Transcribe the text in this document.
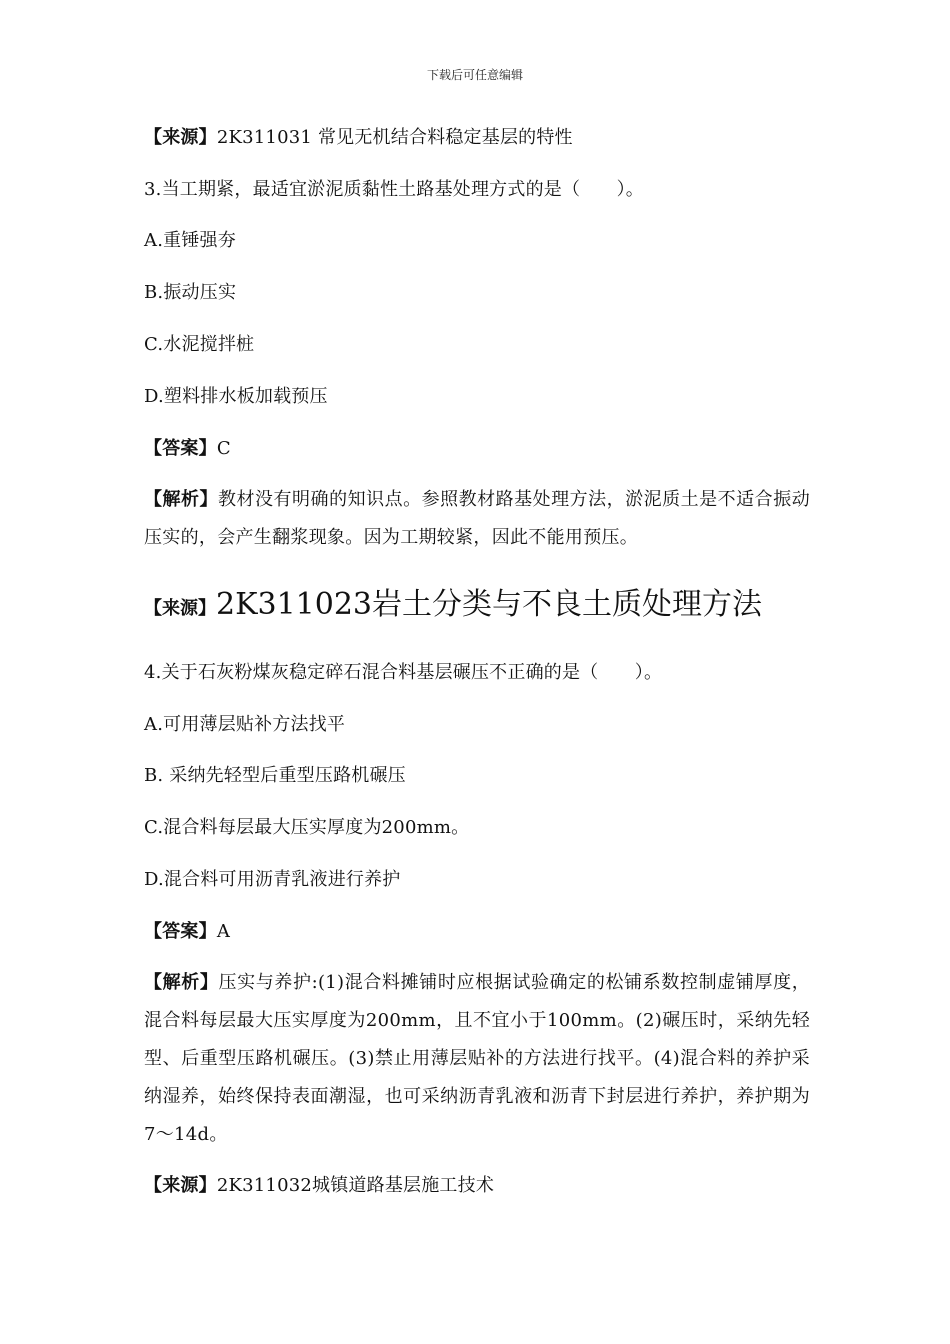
下载后可任意编辑
【来源】2K311031 常见无机结合料稳定基层的特性
3.当工期紧，最适宜淤泥质黏性土路基处理方式的是（　　）。
A.重锤强夯
B.振动压实
C.水泥搅拌桩
D.塑料排水板加载预压
【答案】C
【解析】教材没有明确的知识点。参照教材路基处理方法，淤泥质土是不适合振动压实的，会产生翻浆现象。因为工期较紧，因此不能用预压。
【来源】2K311023岩土分类与不良土质处理方法
4.关于石灰粉煤灰稳定碎石混合料基层碾压不正确的是（　　）。
A.可用薄层贴补方法找平
B. 采纳先轻型后重型压路机碾压
C.混合料每层最大压实厚度为200mm。
D.混合料可用沥青乳液进行养护
【答案】A
【解析】压实与养护:(1)混合料摊铺时应根据试验确定的松铺系数控制虚铺厚度，混合料每层最大压实厚度为200mm，且不宜小于100mm。(2)碾压时，采纳先轻型、后重型压路机碾压。(3)禁止用薄层贴补的方法进行找平。(4)混合料的养护采纳湿养，始终保持表面潮湿，也可采纳沥青乳液和沥青下封层进行养护，养护期为7～14d。
【来源】2K311032城镇道路基层施工技术
